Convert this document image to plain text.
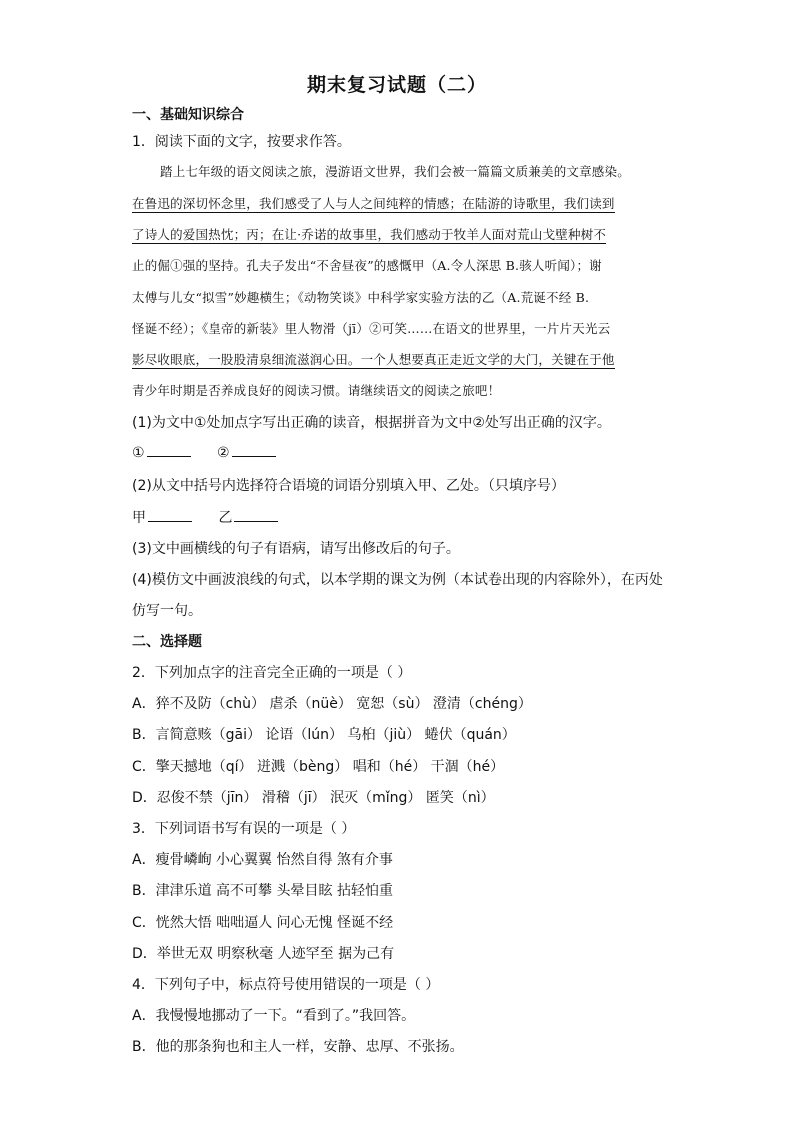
期末复习试题（二）
一、基础知识综合
1．阅读下面的文字，按要求作答。
踏上七年级的语文阅读之旅，漫游语文世界，我们会被一篇篇文质兼美的文章感染。
在鲁迅的深切怀念里，我们感受了人与人之间纯粹的情感；在陆游的诗歌里，我们读到
了诗人的爱国热忱；丙；在让·乔诺的故事里，我们感动于牧羊人面对荒山戈壁种树不
止的倔①强的坚持。孔夫子发出“不舍昼夜”的感慨甲（A.令人深思 B.骇人听闻）；谢
太傅与儿女“拟雪”妙趣横生；《动物笑谈》中科学家实验方法的乙（A.荒诞不经 B.
怪诞不经）；《皇帝的新装》里人物滑（jī）②可笑……在语文的世界里，一片片天光云
影尽收眼底，一股股清泉细流滋润心田。一个人想要真正走近文学的大门，关键在于他
青少年时期是否养成良好的阅读习惯。请继续语文的阅读之旅吧！
(1)为文中①处加点字写出正确的读音，根据拼音为文中②处写出正确的汉字。
①	②
(2)从文中括号内选择符合语境的词语分别填入甲、乙处。（只填序号）
甲	乙
(3)文中画横线的句子有语病，请写出修改后的句子。
(4)模仿文中画波浪线的句式，以本学期的课文为例（本试卷出现的内容除外），在丙处
仿写一句。
二、选择题
2．下列加点字的注音完全正确的一项是（ ）
A．猝不及防（chù） 虐杀（nüè） 宽恕（sù） 澄清（chéng）
B．言简意赅（gāi） 论语（lún） 乌桕（jiù） 蜷伏（quán）
C．擎天撼地（qí） 迸溅（bèng） 唱和（hé） 干涸（hé）
D．忍俊不禁（jīn） 滑稽（jī） 泯灭（mǐng） 匿笑（nì）
3．下列词语书写有误的一项是（ ）
A．瘦骨嶙峋 小心翼翼 怡然自得 煞有介事
B．津津乐道 高不可攀 头晕目眩 拈轻怕重
C．恍然大悟 咄咄逼人 问心无愧 怪诞不经
D．举世无双 明察秋毫 人迹罕至 据为己有
4．下列句子中，标点符号使用错误的一项是（ ）
A．我慢慢地挪动了一下。“看到了。”我回答。
B．他的那条狗也和主人一样，安静、忠厚、不张扬。
